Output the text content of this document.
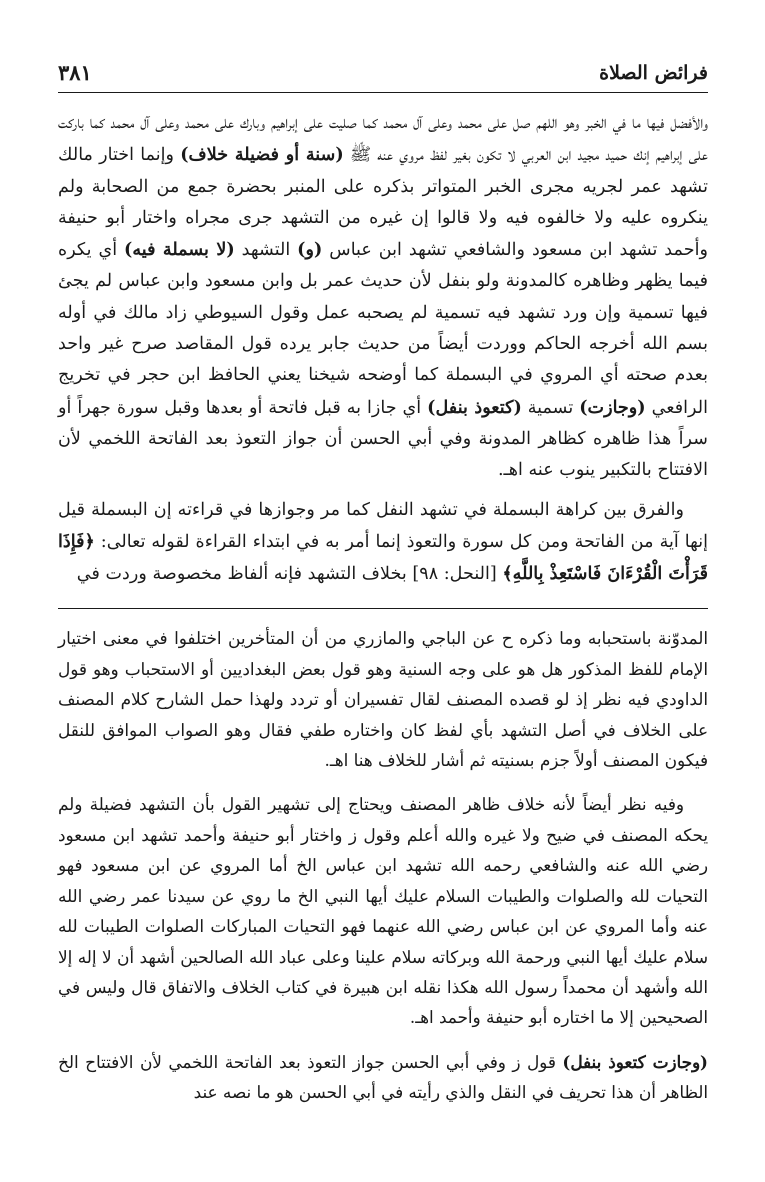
فرائض الصلاة
٣٨١

والأفضل فيها ما في الخبر وهو اللهم صل على محمد وعلى آل محمد كما صليت على إبراهيم وبارك على محمد وعلى آل محمد كما باركت على إبراهيم إنك حميد مجيد ابن العربي لا تكون بغير لفظ مروي عنه ﷺ (سنة أو فضيلة خلاف) وإنما اختار مالك تشهد عمر لجريه مجرى الخبر المتواتر بذكره على المنبر بحضرة جمع من الصحابة ولم ينكروه عليه ولا خالفوه فيه ولا قالوا إن غيره من التشهد جرى مجراه واختار أبو حنيفة وأحمد تشهد ابن مسعود والشافعي تشهد ابن عباس (و) التشهد (لا بسملة فيه) أي يكره فيما يظهر وظاهره كالمدونة ولو بنفل لأن حديث عمر بل وابن مسعود وابن عباس لم يجئ فيها تسمية وإن ورد تشهد فيه تسمية لم يصحبه عمل وقول السيوطي زاد مالك في أوله بسم الله أخرجه الحاكم ووردت أيضاً من حديث جابر يرده قول المقاصد صرح غير واحد بعدم صحته أي المروي في البسملة كما أوضحه شيخنا يعني الحافظ ابن حجر في تخريج الرافعي (وجازت) تسمية (كتعوذ بنفل) أي جازا به قبل فاتحة أو بعدها وقبل سورة جهراً أو سراً هذا ظاهره كظاهر المدونة وفي أبي الحسن أن جواز التعوذ بعد الفاتحة اللخمي لأن الافتتاح بالتكبير ينوب عنه اهـ.

والفرق بين كراهة البسملة في تشهد النفل كما مر وجوازها في قراءته إن البسملة قيل إنها آية من الفاتحة ومن كل سورة والتعوذ إنما أمر به في ابتداء القراءة لقوله تعالى: ﴿فَإِذَا قَرَأْتَ الْقُرْءَانَ فَاسْتَعِذْ بِاللَّهِ﴾ [النحل: ٩٨] بخلاف التشهد فإنه ألفاظ مخصوصة وردت في

المدوّنة باستحبابه وما ذكره ح عن الباجي والمازري من أن المتأخرين اختلفوا في معنى اختيار الإمام للفظ المذكور هل هو على وجه السنية وهو قول بعض البغداديين أو الاستحباب وهو قول الداودي فيه نظر إذ لو قصده المصنف لقال تفسيران أو تردد ولهذا حمل الشارح كلام المصنف على الخلاف في أصل التشهد بأي لفظ كان واختاره طفي فقال وهو الصواب الموافق للنقل فيكون المصنف أولاً جزم بسنيته ثم أشار للخلاف هنا اهـ.

وفيه نظر أيضاً لأنه خلاف ظاهر المصنف ويحتاج إلى تشهير القول بأن التشهد فضيلة ولم يحكه المصنف في ضيح ولا غيره والله أعلم وقول ز واختار أبو حنيفة وأحمد تشهد ابن مسعود رضي الله عنه والشافعي رحمه الله تشهد ابن عباس الخ أما المروي عن ابن مسعود فهو التحيات لله والصلوات والطيبات السلام عليك أيها النبي الخ ما روي عن سيدنا عمر رضي الله عنه وأما المروي عن ابن عباس رضي الله عنهما فهو التحيات المباركات الصلوات الطيبات لله سلام عليك أيها النبي ورحمة الله وبركاته سلام علينا وعلى عباد الله الصالحين أشهد أن لا إله إلا الله وأشهد أن محمداً رسول الله هكذا نقله ابن هبيرة في كتاب الخلاف والاتفاق قال وليس في الصحيحين إلا ما اختاره أبو حنيفة وأحمد اهـ.

(وجازت كتعوذ بنفل) قول ز وفي أبي الحسن جواز التعوذ بعد الفاتحة اللخمي لأن الافتتاح الخ الظاهر أن هذا تحريف في النقل والذي رأيته في أبي الحسن هو ما نصه عند
